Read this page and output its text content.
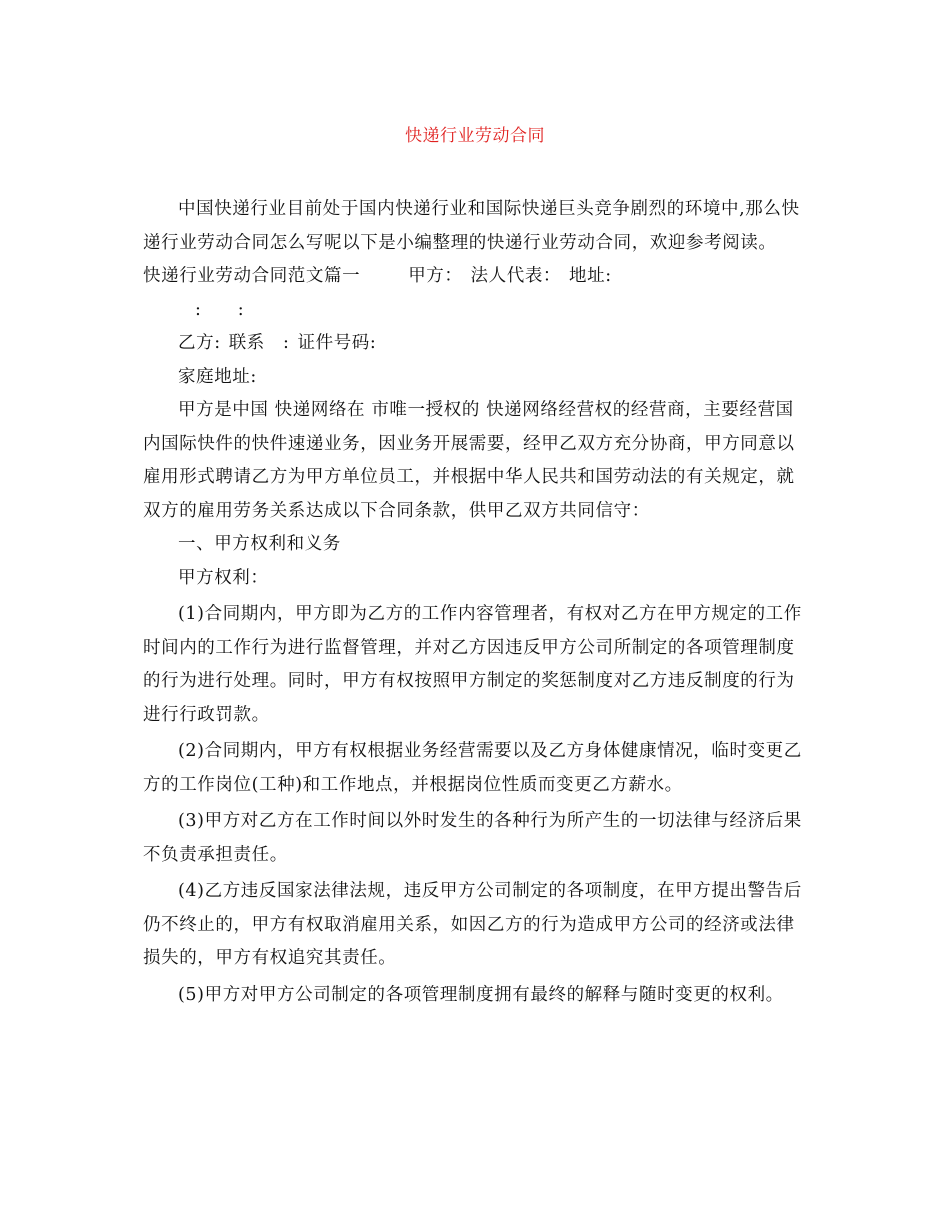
快递行业劳动合同

中国快递行业目前处于国内快递行业和国际快递巨头竞争剧烈的环境中,那么快递行业劳动合同怎么写呢以下是小编整理的快递行业劳动合同，欢迎参考阅读。

快递行业劳动合同范文篇一	甲方： 法人代表： 地址:

:　　:

乙方: 联系　: 证件号码:

家庭地址:

甲方是中国 快递网络在 市唯一授权的 快递网络经营权的经营商，主要经营国内国际快件的快件速递业务，因业务开展需要，经甲乙双方充分协商，甲方同意以雇用形式聘请乙方为甲方单位员工，并根据中华人民共和国劳动法的有关规定，就双方的雇用劳务关系达成以下合同条款，供甲乙双方共同信守：

一、甲方权利和义务

甲方权利：

(1)合同期内，甲方即为乙方的工作内容管理者，有权对乙方在甲方规定的工作时间内的工作行为进行监督管理，并对乙方因违反甲方公司所制定的各项管理制度的行为进行处理。同时，甲方有权按照甲方制定的奖惩制度对乙方违反制度的行为进行行政罚款。

(2)合同期内，甲方有权根据业务经营需要以及乙方身体健康情况，临时变更乙方的工作岗位(工种)和工作地点，并根据岗位性质而变更乙方薪水。

(3)甲方对乙方在工作时间以外时发生的各种行为所产生的一切法律与经济后果不负责承担责任。

(4)乙方违反国家法律法规，违反甲方公司制定的各项制度，在甲方提出警告后仍不终止的，甲方有权取消雇用关系，如因乙方的行为造成甲方公司的经济或法律损失的，甲方有权追究其责任。

(5)甲方对甲方公司制定的各项管理制度拥有最终的解释与随时变更的权利。
